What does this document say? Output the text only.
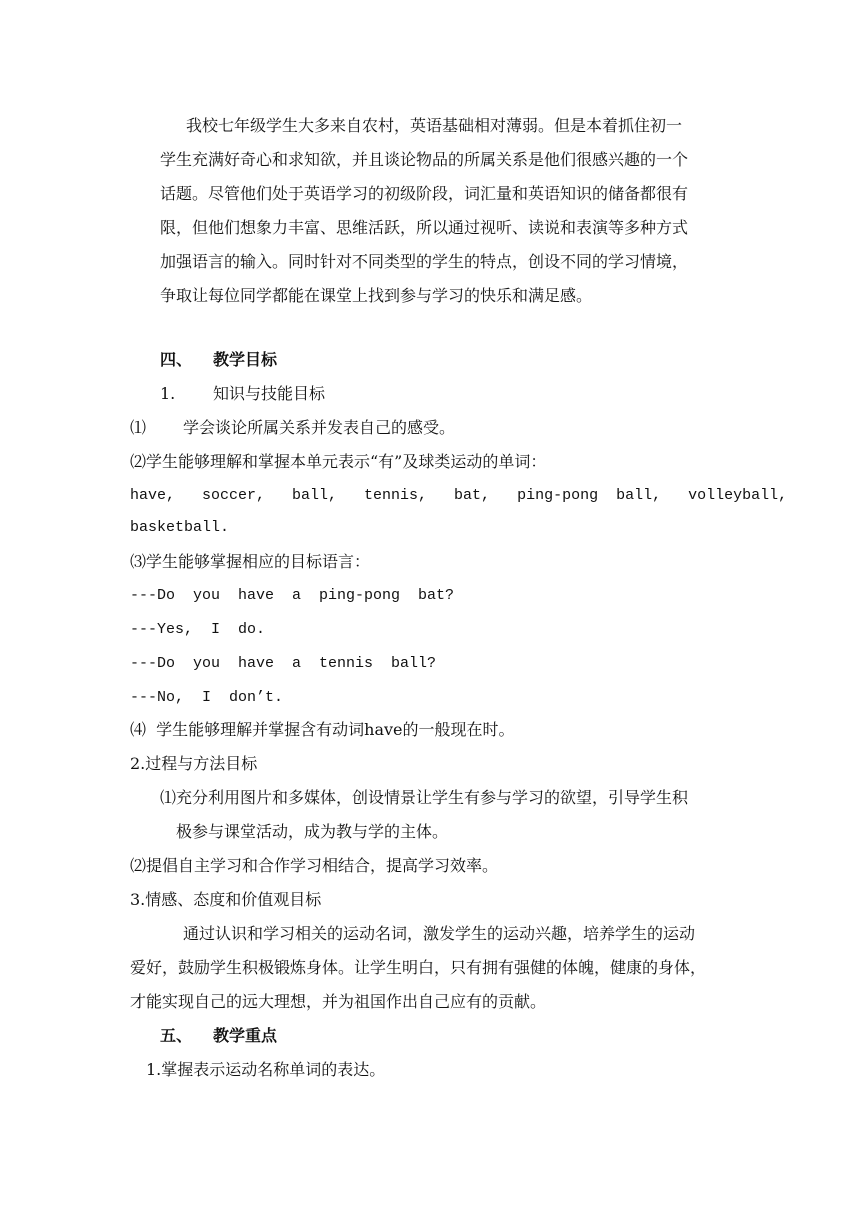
我校七年级学生大多来自农村，英语基础相对薄弱。但是本着抓住初一
学生充满好奇心和求知欲，并且谈论物品的所属关系是他们很感兴趣的一个
话题。尽管他们处于英语学习的初级阶段，词汇量和英语知识的储备都很有
限，但他们想象力丰富、思维活跃，所以通过视听、读说和表演等多种方式
加强语言的输入。同时针对不同类型的学生的特点，创设不同的学习情境，
争取让每位同学都能在课堂上找到参与学习的快乐和满足感。
四、 教学目标
1. 知识与技能目标
⑴ 学会谈论所属关系并发表自己的感受。
⑵学生能够理解和掌握本单元表示“有”及球类运动的单词：
have,   soccer,   ball,   tennis,   bat,   ping-pong  ball,   volleyball,
basketball.
⑶学生能够掌握相应的目标语言：
---Do  you  have  a  ping-pong  bat?
---Yes,  I  do.
---Do  you  have  a  tennis  ball?
---No,  I  don’t.
⑷  学生能够理解并掌握含有动词have的一般现在时。
2.过程与方法目标
⑴充分利用图片和多媒体，创设情景让学生有参与学习的欲望，引导学生积
极参与课堂活动，成为教与学的主体。
⑵提倡自主学习和合作学习相结合，提高学习效率。
3.情感、态度和价值观目标
通过认识和学习相关的运动名词，激发学生的运动兴趣，培养学生的运动
爱好，鼓励学生积极锻炼身体。让学生明白，只有拥有强健的体魄，健康的身体，
才能实现自己的远大理想，并为祖国作出自己应有的贡献。
五、 教学重点
1.掌握表示运动名称单词的表达。
